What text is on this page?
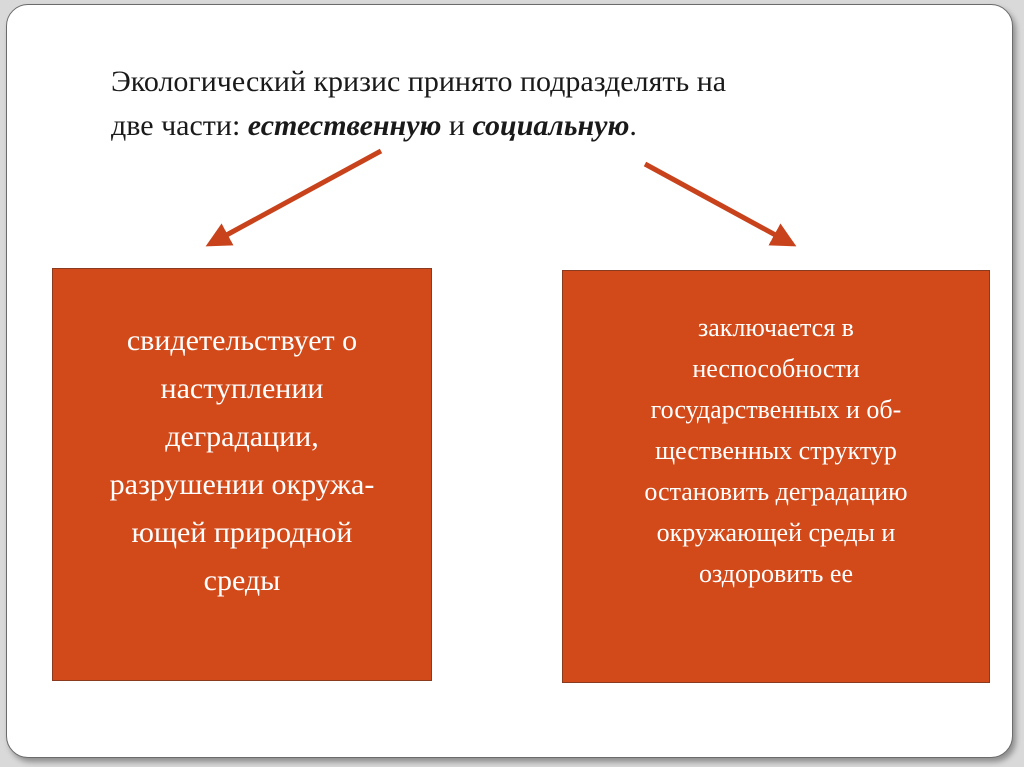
Экологический кризис принято подразделять на
две части: естественную и социальную.

свидетельствует о
наступлении
деградации,
разрушении окружа-
ющей природной
среды

заключается в
неспособности
государственных и об-
щественных структур
остановить деградацию
окружающей среды и
оздоровить ее
